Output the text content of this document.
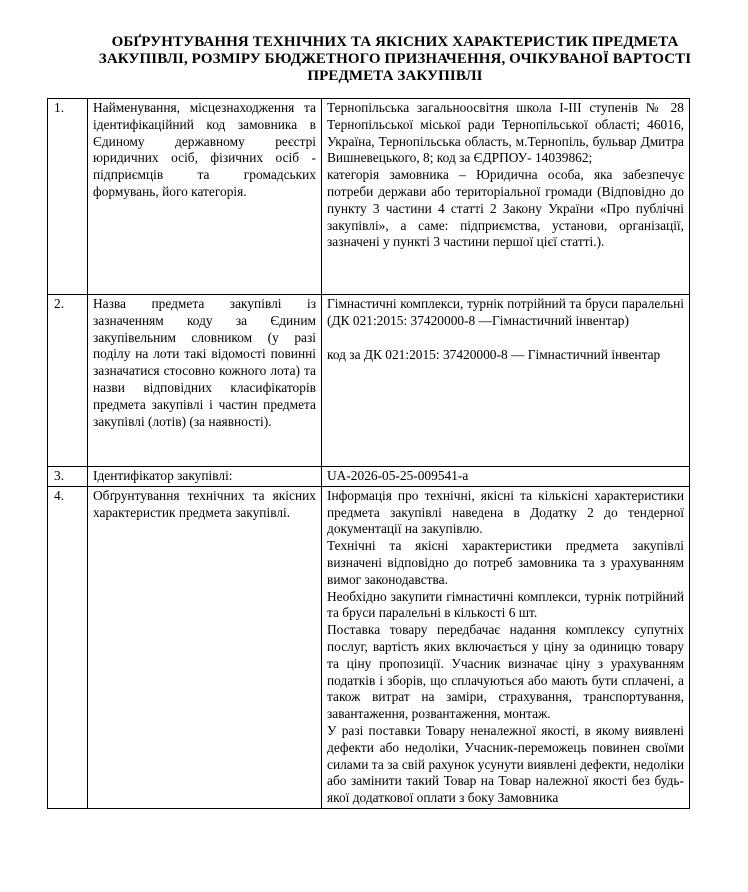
ОБҐРУНТУВАННЯ ТЕХНІЧНИХ ТА ЯКІСНИХ ХАРАКТЕРИСТИК ПРЕДМЕТА
ЗАКУПІВЛІ, РОЗМІРУ БЮДЖЕТНОГО ПРИЗНАЧЕННЯ, ОЧІКУВАНОЇ ВАРТОСТІ
ПРЕДМЕТА ЗАКУПІВЛІ
1.	Найменування, місцезнаходження та ідентифікаційний код замовника в Єдиному державному реєстрі юридичних осіб, фізичних осіб - підприємців та громадських формувань, його категорія.	Тернопільська загальноосвітня школа І-ІІІ ступенів № 28 Тернопільської міської ради Тернопільської області; 46016, Україна, Тернопільська область, м.Тернопіль, бульвар Дмитра Вишневецького, 8; код за ЄДРПОУ- 14039862;
категорія замовника – Юридична особа, яка забезпечує потреби держави або територіальної громади (Відповідно до пункту 3 частини 4 статті 2 Закону України «Про публічні закупівлі», а саме: підприємства, установи, організації, зазначені у пункті 3 частини першої цієї статті.).

2.	Назва предмета закупівлі із зазначенням коду за Єдиним закупівельним словником (у разі поділу на лоти такі відомості повинні зазначатися стосовно кожного лота) та назви відповідних класифікаторів предмета закупівлі і частин предмета закупівлі (лотів) (за наявності).	Гімнастичні комплекси, турнік потрійний та бруси паралельні (ДК 021:2015: 37420000-8 —Гімнастичний інвентар)
код за ДК 021:2015: 37420000-8 — Гімнастичний інвентар

3.	Ідентифікатор закупівлі:	UA-2026-05-25-009541-a

4.	Обґрунтування технічних та якісних характеристик предмета закупівлі.	Інформація про технічні, якісні та кількісні характеристики предмета закупівлі наведена в Додатку 2 до тендерної документації на закупівлю.
Технічні та якісні характеристики предмета закупівлі визначені відповідно до потреб замовника та з урахуванням вимог законодавства.
Необхідно закупити гімнастичні комплекси, турнік потрійний та бруси паралельні в кількості 6 шт.
Поставка товару передбачає надання комплексу супутніх послуг, вартість яких включається у ціну за одиницю товару та ціну пропозиції. Учасник визначає ціну з урахуванням податків і зборів, що сплачуються або мають бути сплачені, а також витрат на заміри, страхування, транспортування, завантаження, розвантаження, монтаж.
У разі поставки Товару неналежної якості, в якому виявлені дефекти або недоліки, Учасник-переможець повинен своїми силами та за свій рахунок усунути виявлені дефекти, недоліки або замінити такий Товар на Товар належної якості без будь-якої додаткової оплати з боку Замовника
